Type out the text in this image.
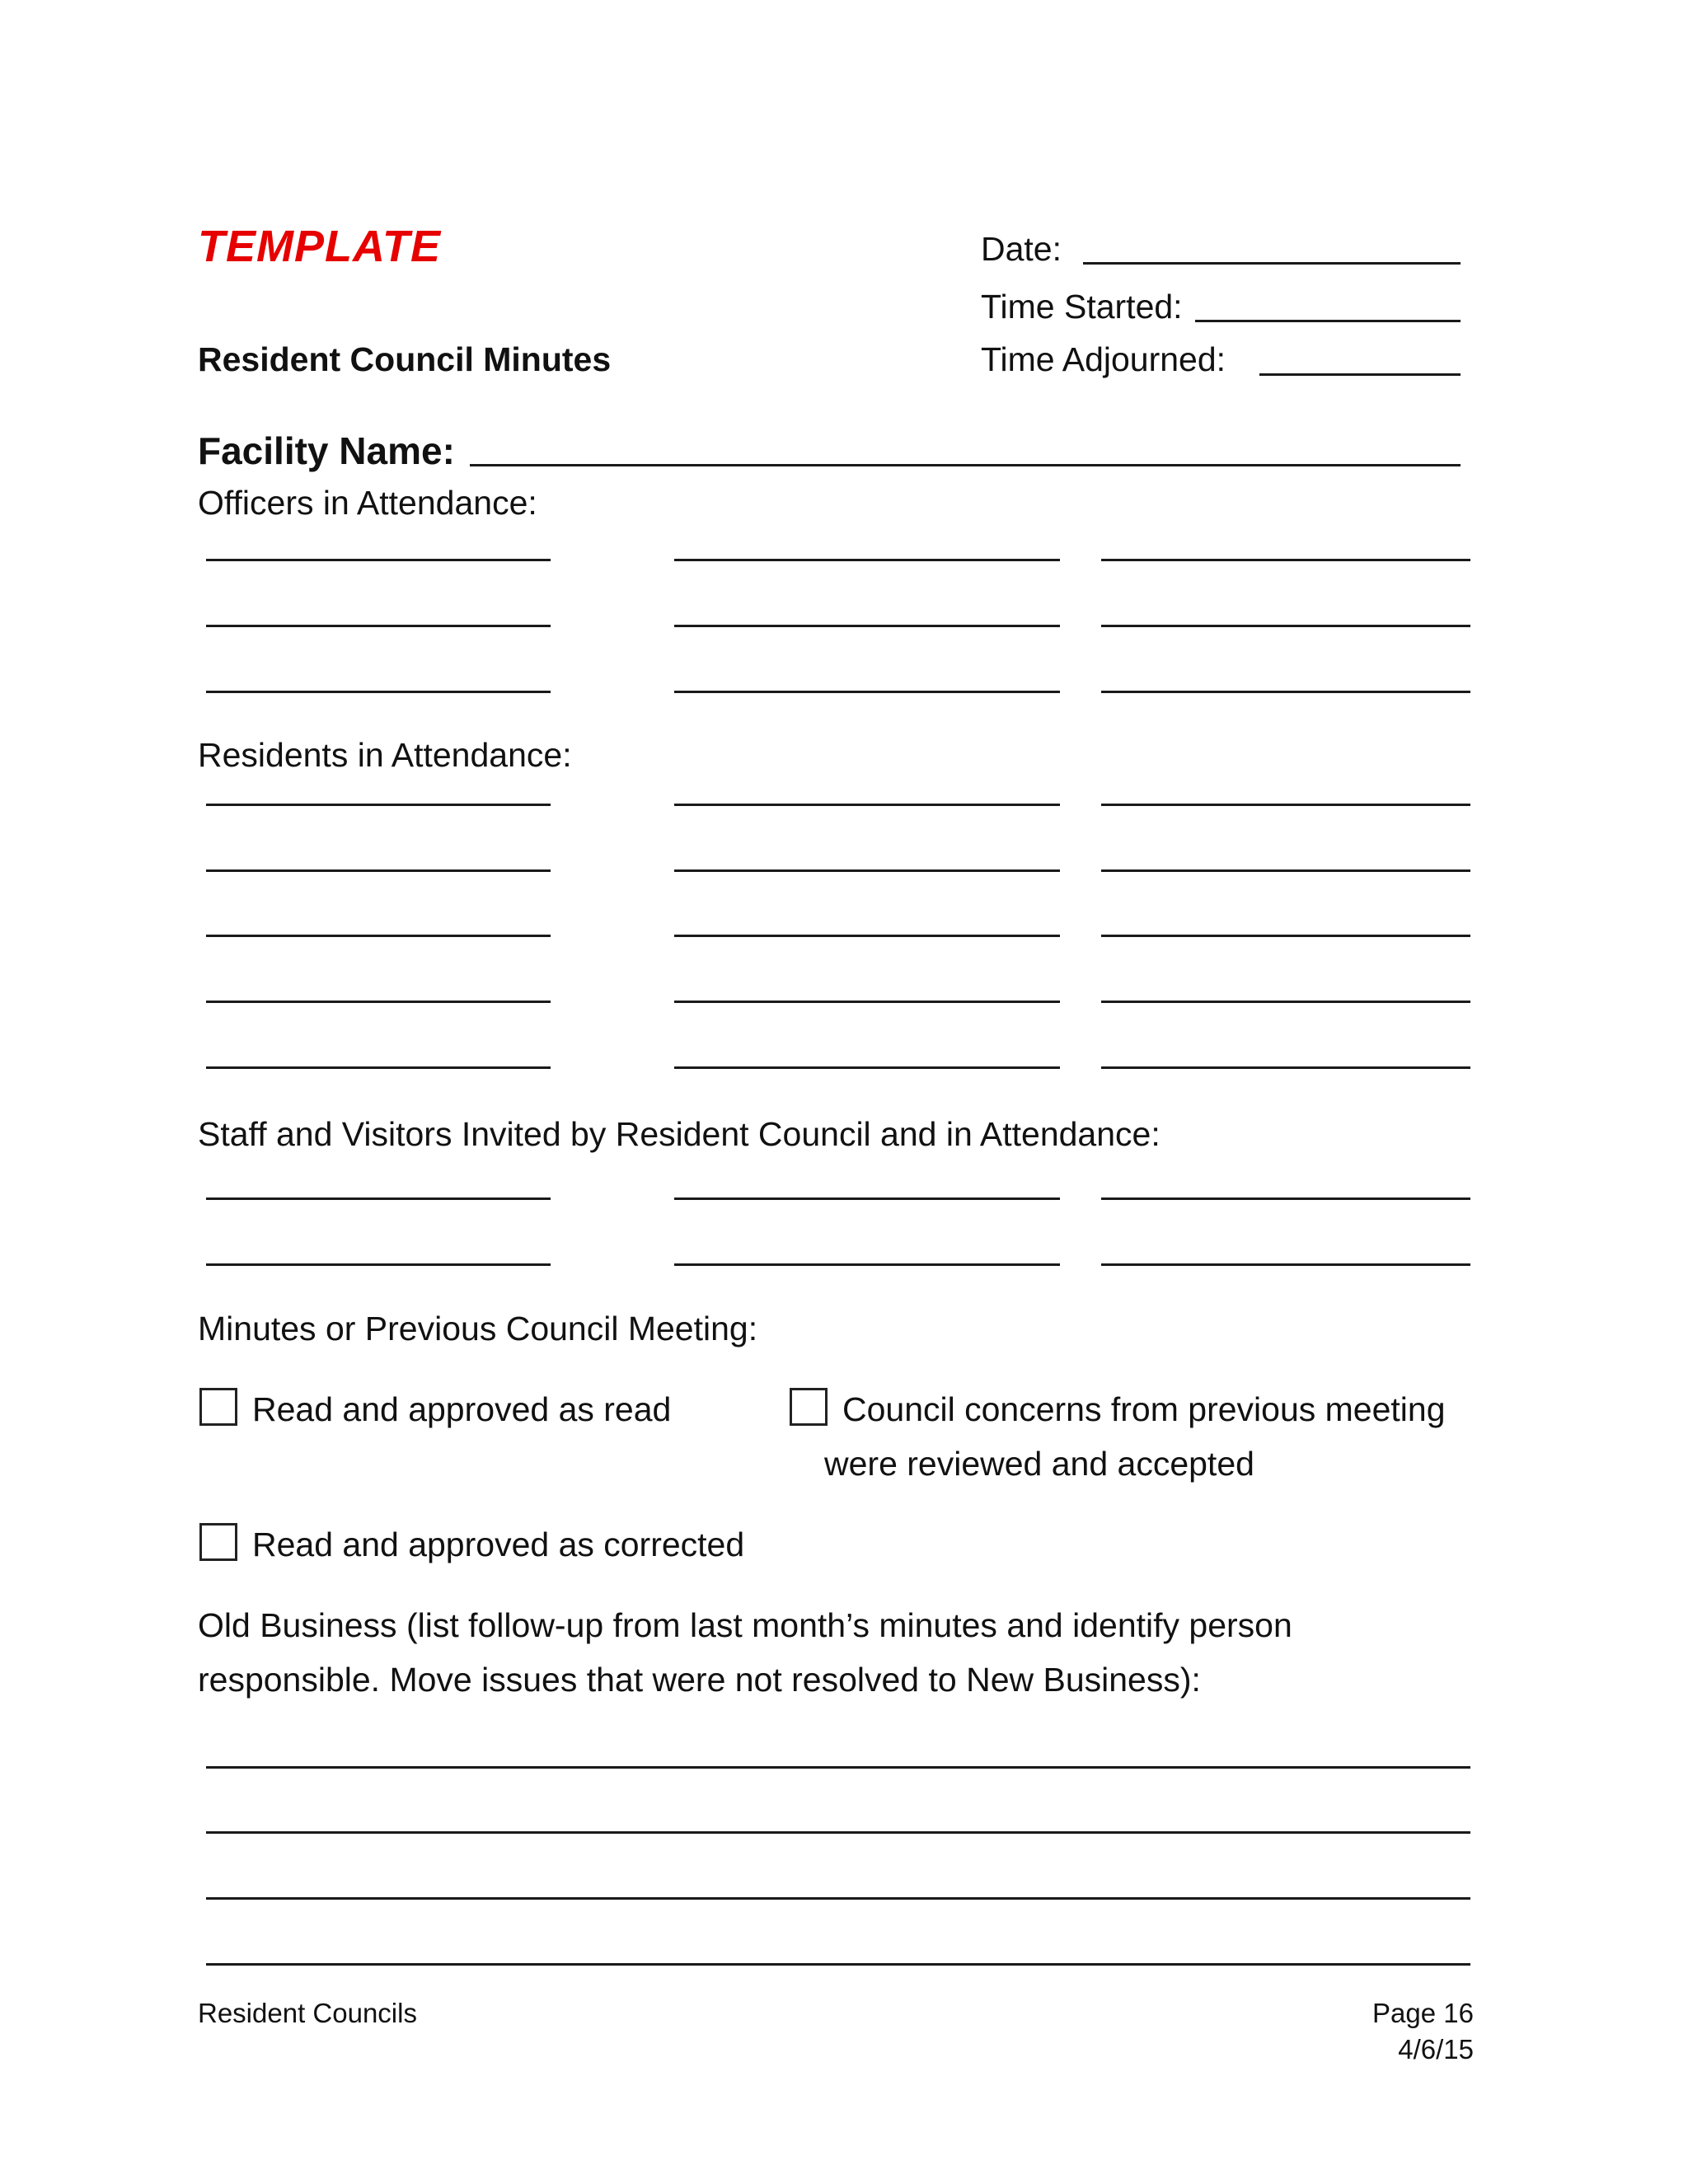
TEMPLATE	Date:
Time Started:
Resident Council Minutes	Time Adjourned:
Facility Name:
Officers in Attendance:
Residents in Attendance:
Staff and Visitors Invited by Resident Council and in Attendance:
Minutes or Previous Council Meeting:
Read and approved as read	Council concerns from previous meeting
were reviewed and accepted
Read and approved as corrected
Old Business (list follow-up from last month’s minutes and identify person
responsible. Move issues that were not resolved to New Business):
Resident Councils	Page 16
4/6/15
